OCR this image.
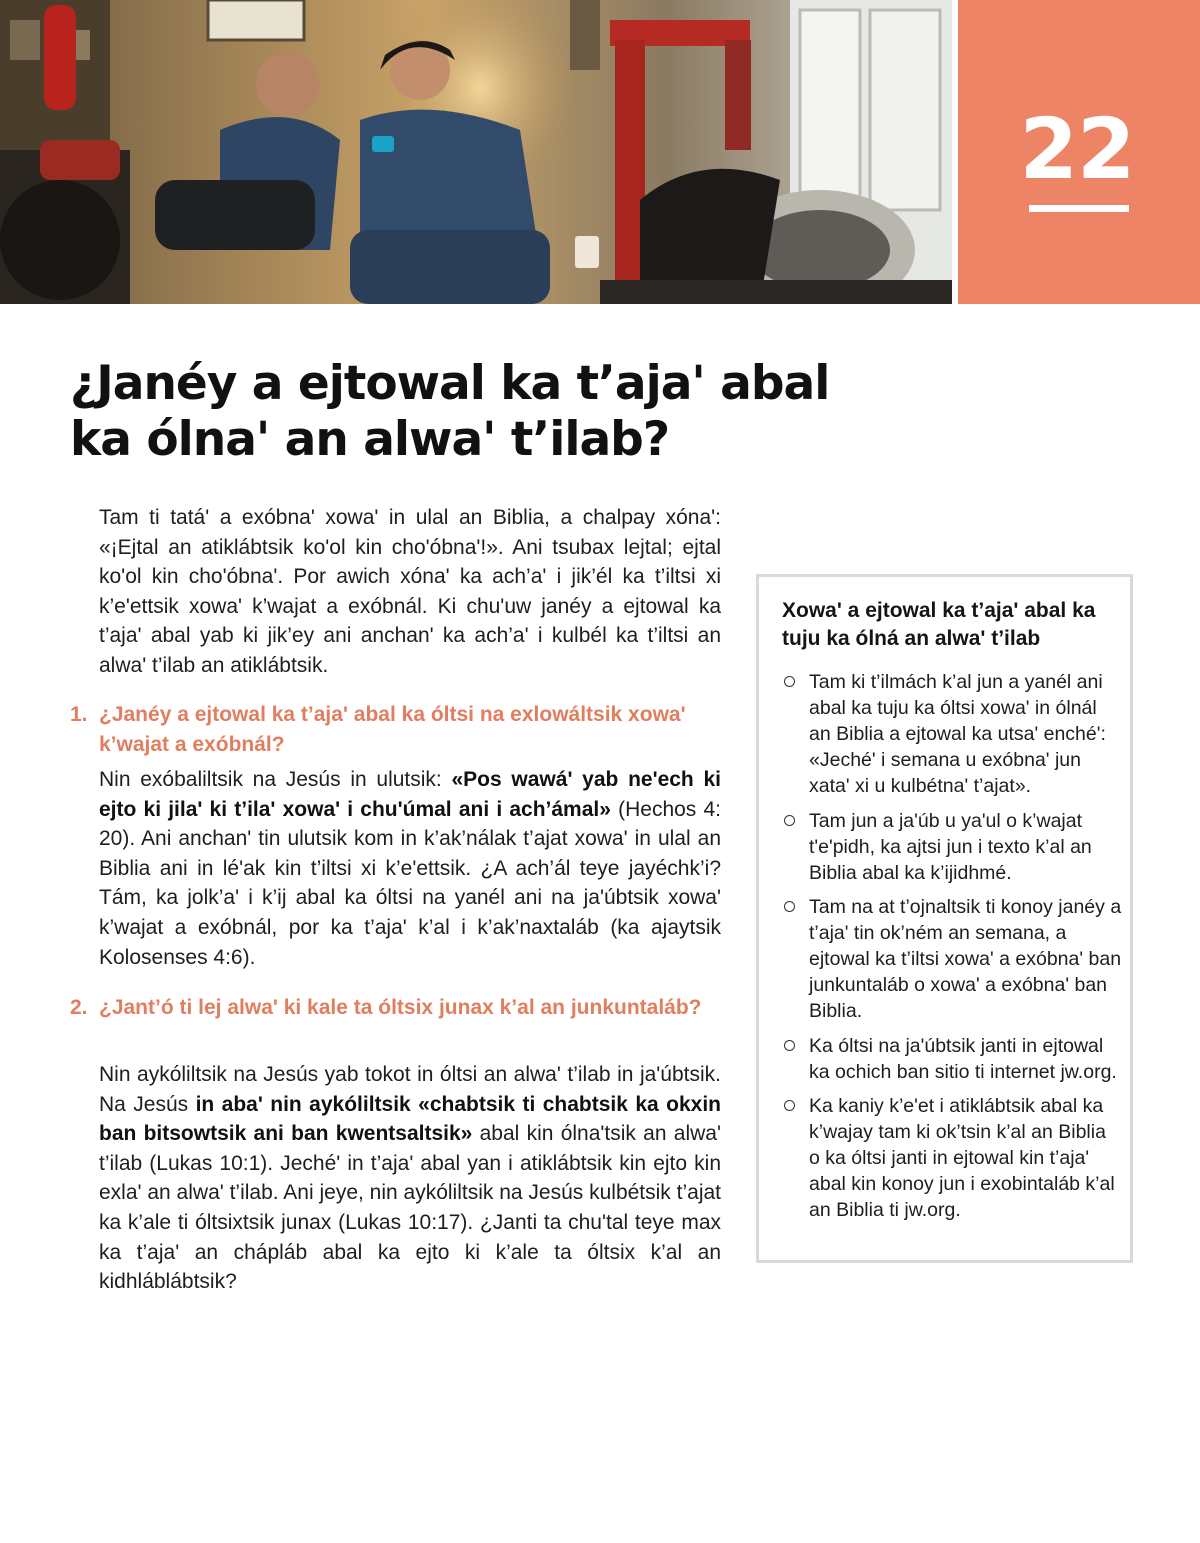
22
¿Janéy a ejtowal ka t’aja' abal
ka ólna' an alwa' t’ilab?

Tam ti tatá' a exóbna' xowa' in ulal an Biblia, a chalpay xóna': «¡Ejtal an atiklábtsik ko'ol kin cho'óbna'!». Ani tsubax lejtal; ejtal ko'ol kin cho'óbna'. Por awich xóna' ka ach’a' i jik’él ka t’iltsi xi k’e'ettsik xowa' k’wajat a exóbnál. Ki chu'uw janéy a ejtowal ka t’aja' abal yab ki jik’ey ani anchan' ka ach’a' i kulbél ka t’iltsi an alwa' t’ilab an atiklábtsik.

1. ¿Janéy a ejtowal ka t’aja' abal ka óltsi na exlowáltsik xowa' k’wajat a exóbnál?

Nin exóbaliltsik na Jesús in ulutsik: «Pos wawá' yab ne'ech ki ejto ki jila' ki t’ila' xowa' i chu'úmal ani i ach’ámal» (Hechos 4: 20). Ani anchan' tin ulutsik kom in k’ak’nálak t’ajat xowa' in ulal an Biblia ani in lé'ak kin t’iltsi xi k’e'ettsik. ¿A ach’ál teye jayéchk’i? Tám, ka jolk’a' i k’ij abal ka óltsi na yanél ani na ja'úbtsik xowa' k’wajat a exóbnál, por ka t’aja' k’al i k’ak’naxtaláb (ka ajaytsik Kolosenses 4:6).

2. ¿Jant’ó ti lej alwa' ki kale ta óltsix junax k’al an junkuntaláb?

Nin aykóliltsik na Jesús yab tokot in óltsi an alwa' t’ilab in ja'úbtsik. Na Jesús in aba' nin aykóliltsik «chabtsik ti chabtsik ka okxin ban bitsowtsik ani ban kwentsaltsik» abal kin ólna'tsik an alwa' t’ilab (Lukas 10:1). Jeché' in t’aja' abal yan i atiklábtsik kin ejto kin exla' an alwa' t’ilab. Ani jeye, nin aykóliltsik na Jesús kulbétsik t’ajat ka k’ale ti óltsixtsik junax (Lukas 10:17). ¿Janti ta chu'tal teye max ka t’aja' an chápláb abal ka ejto ki k’ale ta óltsix k’al an kidhláblábtsik?

Xowa' a ejtowal ka t’aja' abal ka tuju ka ólná an alwa' t’ilab
Tam ki t’ilmách k’al jun a yanél ani abal ka tuju ka óltsi xowa' in ólnál an Biblia a ejtowal ka utsa' enché': «Jeché' i semana u exóbna' jun xata' xi u kulbétna' t’ajat».
Tam jun a ja'úb u ya'ul o k’wajat t'e'pidh, ka ajtsi jun i texto k’al an Biblia abal ka k’ijidhmé.
Tam na at t’ojnaltsik ti konoy janéy a t’aja' tin ok’ném an semana, a ejtowal ka t’iltsi xowa' a exóbna' ban junkuntaláb o xowa' a exóbna' ban Biblia.
Ka óltsi na ja'úbtsik janti in ejtowal ka ochich ban sitio ti internet jw.org.
Ka kaniy k’e'et i atiklábtsik abal ka k’wajay tam ki ok’tsin k’al an Biblia o ka óltsi janti in ejtowal kin t’aja' abal kin konoy jun i exobintaláb k’al an Biblia ti jw.org.
